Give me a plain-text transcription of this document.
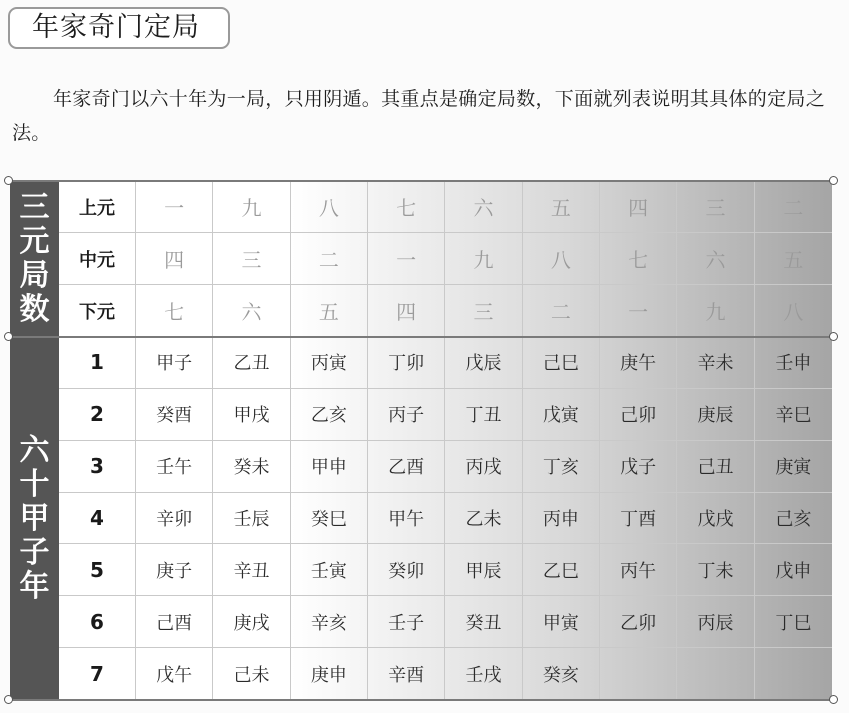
年家奇门定局

年家奇门以六十年为一局，只用阴遁。其重点是确定局数，下面就列表说明其具体的定局之法。

三
元
局
数
六
十
甲
子
年
上元	一	九	八	七	六	五	四	三	二
中元	四	三	二	一	九	八	七	六	五
下元	七	六	五	四	三	二	一	九	八
1	甲子	乙丑	丙寅	丁卯	戊辰	己巳	庚午	辛未	壬申
2	癸酉	甲戌	乙亥	丙子	丁丑	戊寅	己卯	庚辰	辛巳
3	壬午	癸未	甲申	乙酉	丙戌	丁亥	戊子	己丑	庚寅
4	辛卯	壬辰	癸巳	甲午	乙未	丙申	丁酉	戊戌	己亥
5	庚子	辛丑	壬寅	癸卯	甲辰	乙巳	丙午	丁未	戊申
6	己酉	庚戌	辛亥	壬子	癸丑	甲寅	乙卯	丙辰	丁巳
7	戊午	己未	庚申	辛酉	壬戌	癸亥
